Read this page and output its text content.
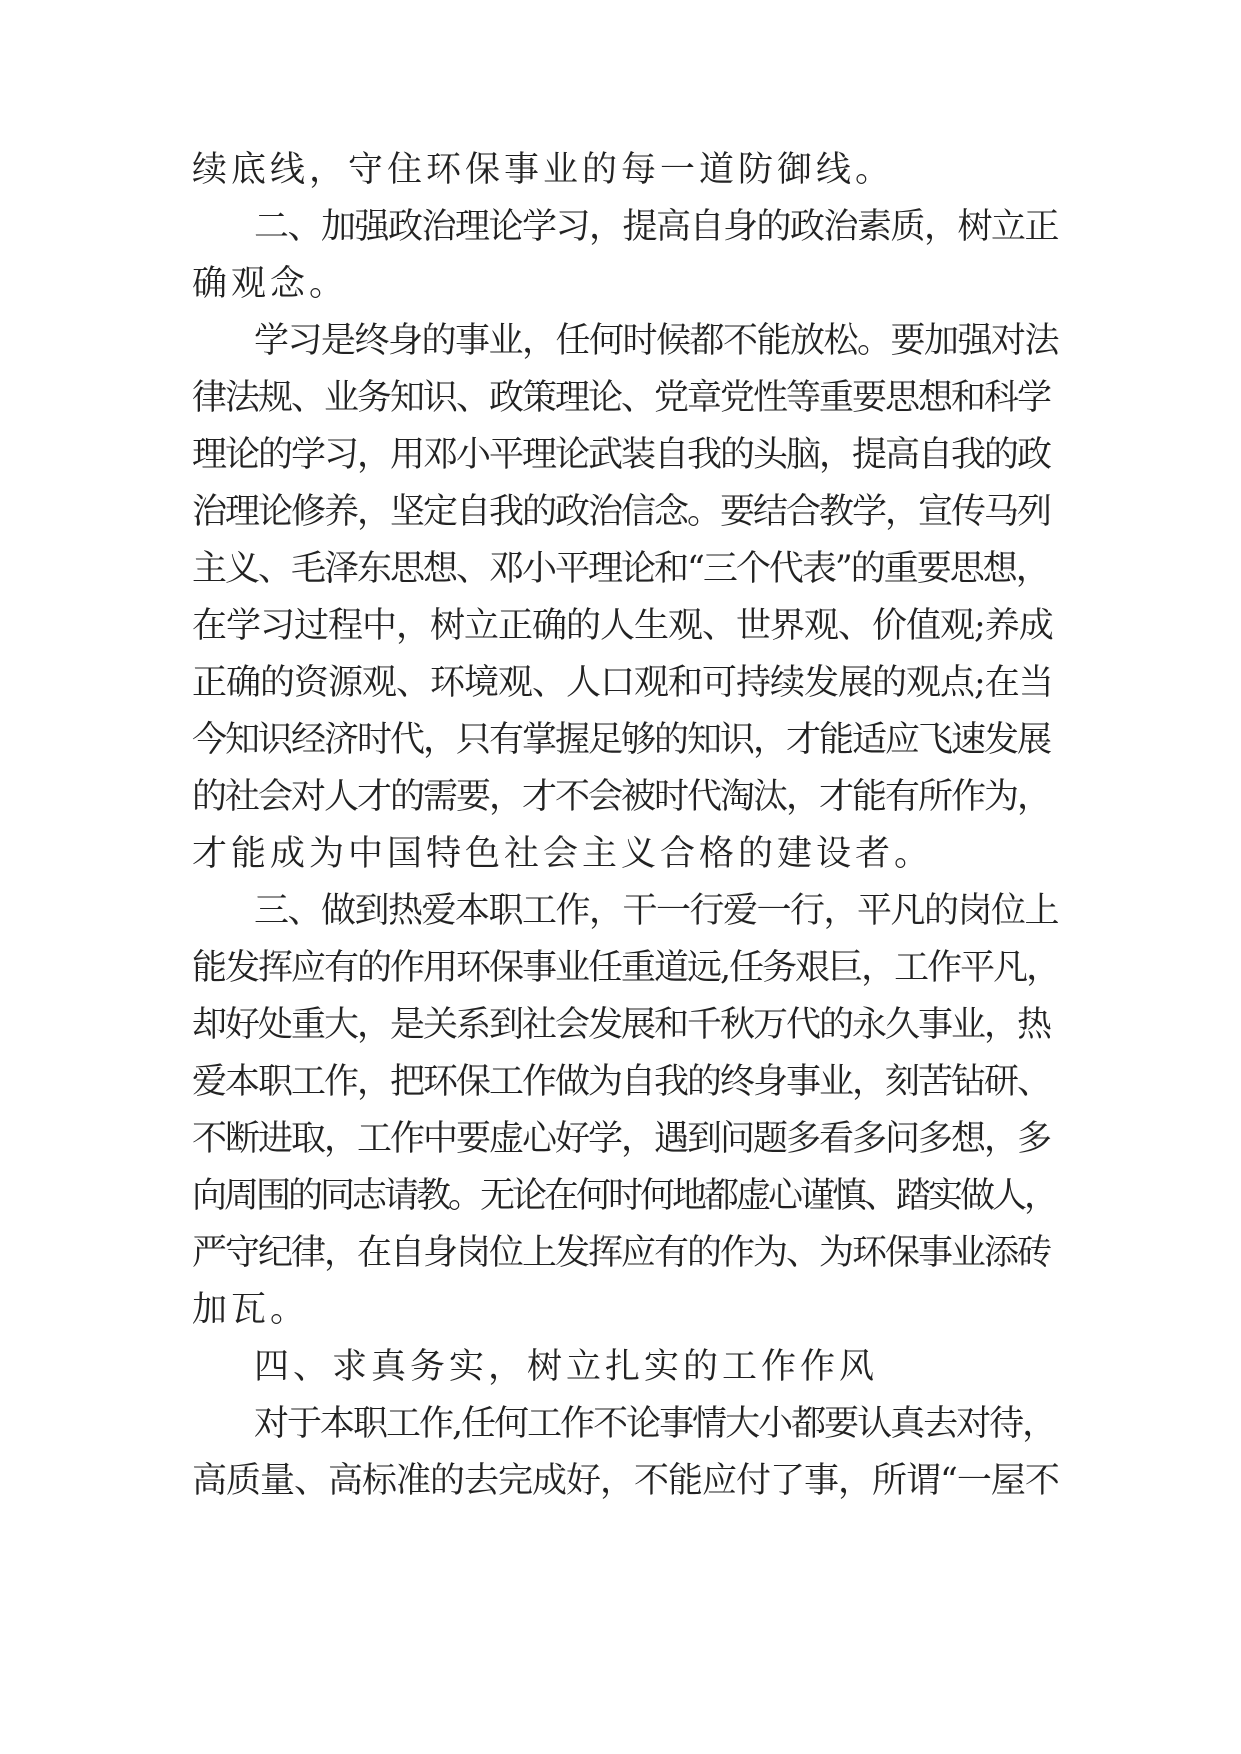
续底线，守住环保事业的每一道防御线。
二、加强政治理论学习，提高自身的政治素质，树立正
确观念。
学习是终身的事业，任何时候都不能放松。要加强对法
律法规、业务知识、政策理论、党章党性等重要思想和科学
理论的学习，用邓小平理论武装自我的头脑，提高自我的政
治理论修养，坚定自我的政治信念。要结合教学，宣传马列
主义、毛泽东思想、邓小平理论和“三个代表”的重要思想，
在学习过程中，树立正确的人生观、世界观、价值观;养成
正确的资源观、环境观、人口观和可持续发展的观点;在当
今知识经济时代，只有掌握足够的知识，才能适应飞速发展
的社会对人才的需要，才不会被时代淘汰，才能有所作为，
才能成为中国特色社会主义合格的建设者。
三、做到热爱本职工作，干一行爱一行，平凡的岗位上
能发挥应有的作用环保事业任重道远,任务艰巨，工作平凡，
却好处重大，是关系到社会发展和千秋万代的永久事业，热
爱本职工作，把环保工作做为自我的终身事业，刻苦钻研、
不断进取，工作中要虚心好学，遇到问题多看多问多想，多
向周围的同志请教。无论在何时何地都虚心谨慎、踏实做人，
严守纪律，在自身岗位上发挥应有的作为、为环保事业添砖
加瓦。
四、求真务实，树立扎实的工作作风
对于本职工作,任何工作不论事情大小都要认真去对待，
高质量、高标准的去完成好，不能应付了事，所谓“一屋不
